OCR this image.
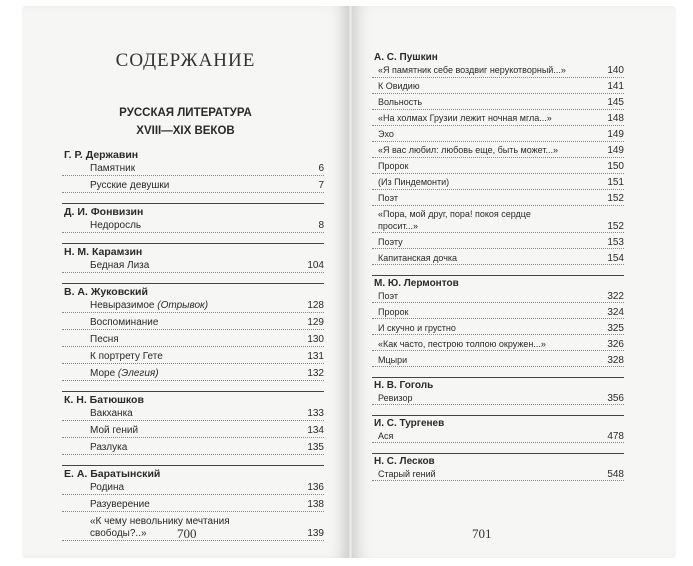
СОДЕРЖАНИЕ
РУССКАЯ ЛИТЕРАТУРА
XVIII—XIX ВЕКОВ
Г. Р. Державин
Памятник	6
Русские девушки	7
Д. И. Фонвизин
Недоросль	8
Н. М. Карамзин
Бедная Лиза	104
В. А. Жуковский
Невыразимое (Отрывок)	128
Воспоминание	129
Песня	130
К портрету Гете	131
Море (Элегия)	132
К. Н. Батюшков
Вакханка	133
Мой гений	134
Разлука	135
Е. А. Баратынский
Родина	136
Разуверение	138
«К чему невольнику мечтания свободы?..»	139
700
А. С. Пушкин
«Я памятник себе воздвиг нерукотворный...»	140
К Овидию	141
Вольность	145
«На холмах Грузии лежит ночная мгла...»	148
Эхо	149
«Я вас любил: любовь еще, быть может...»	149
Пророк	150
(Из Пиндемонти)	151
Поэт	152
«Пора, мой друг, пора! покоя сердце просит...»	152
Поэту	153
Капитанская дочка	154
М. Ю. Лермонтов
Поэт	322
Пророк	324
И скучно и грустно	325
«Как часто, пестрою толпою окружен...»	326
Мцыри	328
Н. В. Гоголь
Ревизор	356
И. С. Тургенев
Ася	478
Н. С. Лесков
Старый гений	548
701
